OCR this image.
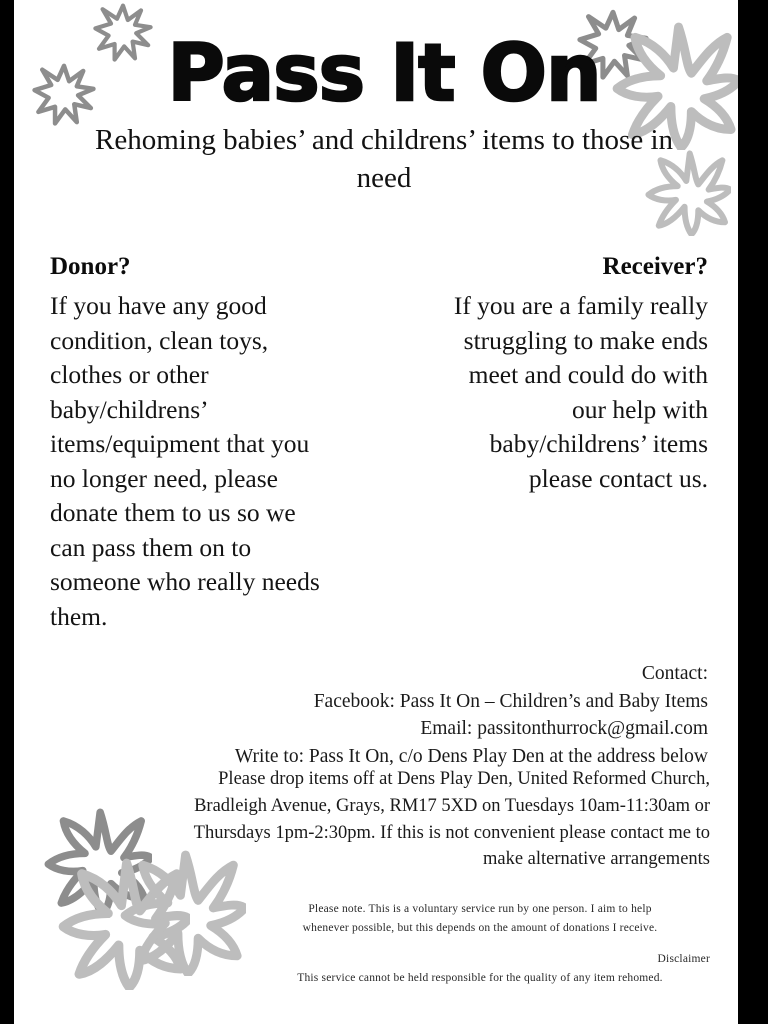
Pass It On
Rehoming babies’ and childrens’ items to those in need
Donor?

If you have any good condition, clean toys, clothes or other baby/childrens’ items/equipment that you no longer need, please donate them to us so we can pass them on to someone who really needs them.

Receiver?

If you are a family really struggling to make ends meet and could do with our help with baby/childrens’ items please contact us.

Contact:
Facebook: Pass It On – Children’s and Baby Items
Email: passitonthurrock@gmail.com
Write to: Pass It On, c/o Dens Play Den at the address below
Please drop items off at Dens Play Den, United Reformed Church,
Bradleigh Avenue, Grays, RM17 5XD on Tuesdays 10am-11:30am or
Thursdays 1pm-2:30pm. If this is not convenient please contact me to
make alternative arrangements
Please note. This is a voluntary service run by one person. I aim to help
whenever possible, but this depends on the amount of donations I receive.
Disclaimer
This service cannot be held responsible for the quality of any item rehomed.
